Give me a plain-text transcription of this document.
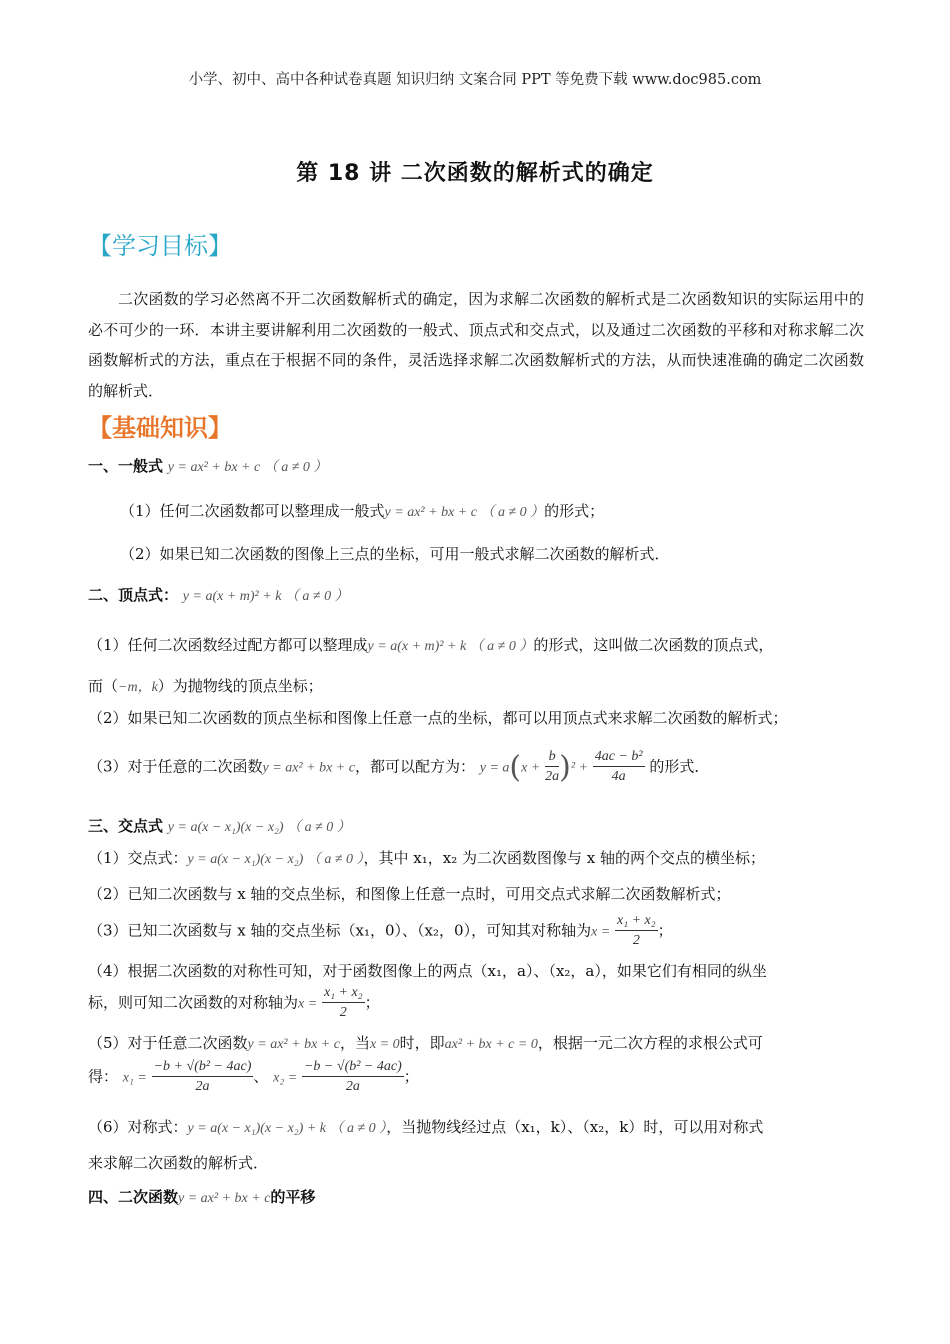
小学、初中、高中各种试卷真题 知识归纳 文案合同 PPT 等免费下载 www.doc985.com
第 18 讲 二次函数的解析式的确定
【学习目标】
二次函数的学习必然离不开二次函数解析式的确定，因为求解二次函数的解析式是二次函数知识的实际运用中的必不可少的一环．本讲主要讲解利用二次函数的一般式、顶点式和交点式，以及通过二次函数的平移和对称求解二次函数解析式的方法，重点在于根据不同的条件，灵活选择求解二次函数解析式的方法，从而快速准确的确定二次函数的解析式．
【基础知识】
一、一般式 y = ax² + bx + c （ a ≠ 0 ）
（1）任何二次函数都可以整理成一般式y = ax² + bx + c （ a ≠ 0 ）的形式；
（2）如果已知二次函数的图像上三点的坐标，可用一般式求解二次函数的解析式．
二、顶点式： y = a(x + m)² + k （ a ≠ 0 ）
（1）任何二次函数经过配方都可以整理成y = a(x + m)² + k （ a ≠ 0 ）的形式，这叫做二次函数的顶点式，
而（−m，k）为抛物线的顶点坐标；
（2）如果已知二次函数的顶点坐标和图像上任意一点的坐标，都可以用顶点式来求解二次函数的解析式；
（3）对于任意的二次函数y = ax² + bx + c，都可以配方为： $y = a(x + \frac{b}{2a} )^2 + \frac{\text{4ac − b²}}{4a}$ 的形式．
三、交点式 y = a(x − x₁)(x − x₂) （ a ≠ 0 ）
（1）交点式：y = a(x − x₁)(x − x₂) （ a ≠ 0 ），其中 x₁，x₂ 为二次函数图像与 x 轴的两个交点的横坐标；
（2）已知二次函数与 x 轴的交点坐标，和图像上任意一点时，可用交点式求解二次函数解析式；
（3）已知二次函数与 x 轴的交点坐标（x₁，0）、（x₂，0），可知其对称轴为$x = \frac{\text{x₁ + x₂}}{2}$ ；
（4）根据二次函数的对称性可知，对于函数图像上的两点（x₁，a）、（x₂，a），如果它们有相同的纵坐
标，则可知二次函数的对称轴为$x = \frac{\text{x₁ + x₂}}{2}$ ；
（5）对于任意二次函数y = ax² + bx + c，当x = 0时，即ax² + bx + c = 0，根据一元二次方程的求根公式可
得： $x_1 = \frac{\text{−b + √(b² − 4ac)}}{2a}$ 、 $x_2 = \frac{\text{−b − √(b² − 4ac)}}{2a}$ ；
（6）对称式：y = a(x − x₁)(x − x₂) + k （ a ≠ 0 ），当抛物线经过点（x₁，k）、（x₂，k）时，可以用对称式
来求解二次函数的解析式．
四、二次函数y = ax² + bx + c的平移
